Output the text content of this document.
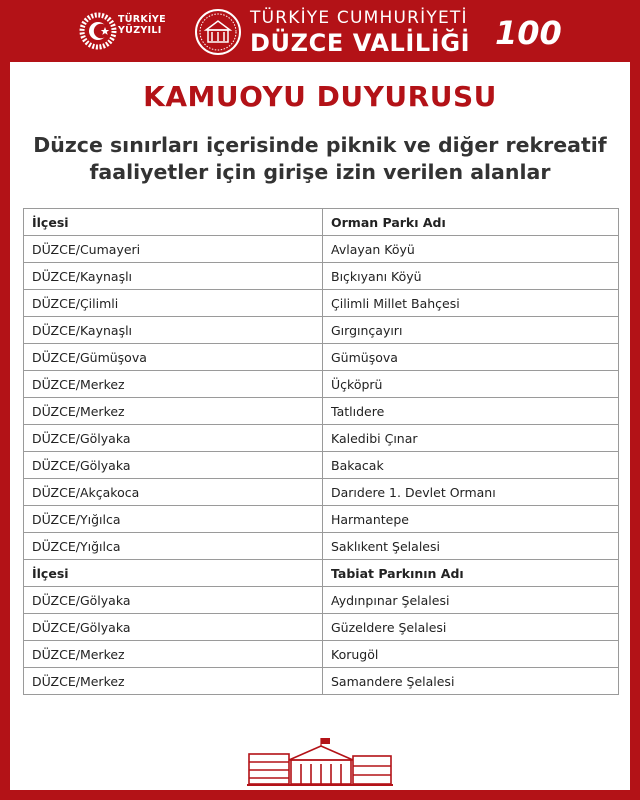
TÜRKİYE
YÜZYILI
TÜRKİYE CUMHURİYETİ
DÜZCE VALİLİĞİ 100
KAMUOYU DUYURUSU
Düzce sınırları içerisinde piknik ve diğer rekreatif
faaliyetler için girişe izin verilen alanlar
İlçesi	Orman Parkı Adı
DÜZCE/Cumayeri	Avlayan Köyü
DÜZCE/Kaynaşlı	Bıçkıyanı Köyü
DÜZCE/Çilimli	Çilimli Millet Bahçesi
DÜZCE/Kaynaşlı	Gırgınçayırı
DÜZCE/Gümüşova	Gümüşova
DÜZCE/Merkez	Üçköprü
DÜZCE/Merkez	Tatlıdere
DÜZCE/Gölyaka	Kaledibi Çınar
DÜZCE/Gölyaka	Bakacak
DÜZCE/Akçakoca	Darıdere 1. Devlet Ormanı
DÜZCE/Yığılca	Harmantepe
DÜZCE/Yığılca	Saklıkent Şelalesi
İlçesi	Tabiat Parkının Adı
DÜZCE/Gölyaka	Aydınpınar Şelalesi
DÜZCE/Gölyaka	Güzeldere Şelalesi
DÜZCE/Merkez	Korugöl
DÜZCE/Merkez	Samandere Şelalesi
